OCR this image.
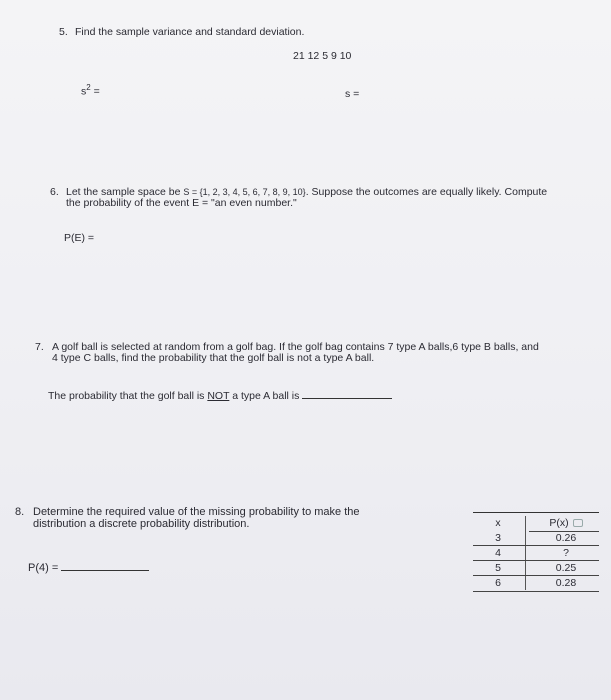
5. Find the sample variance and standard deviation.
21 12 5 9 10
$s^2$ =	s =
6. Let the sample space be S = {1, 2, 3, 4, 5, 6, 7, 8, 9, 10}. Suppose the outcomes are equally likely. Compute
the probability of the event E = "an even number."
P(E) =
7. A golf ball is selected at random from a golf bag. If the golf bag contains 7 type A balls,6 type B balls, and
4 type C balls, find the probability that the golf ball is not a type A ball.
The probability that the golf ball is NOT a type A ball is
8. Determine the required value of the missing probability to make the
distribution a discrete probability distribution.
P(4) =
x	P(x)
3	0.26
4	?
5	0.25
6	0.28
